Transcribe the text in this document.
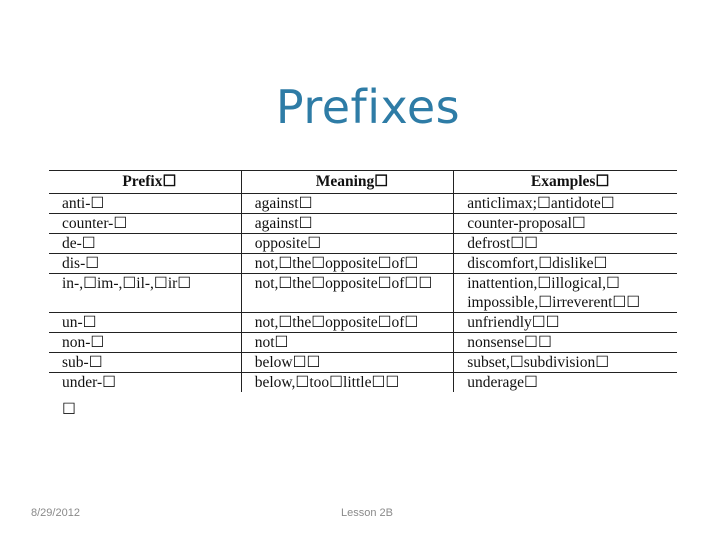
Prefixes
Prefix☐	Meaning☐	Examples☐
anti-☐	against☐	anticlimax;☐antidote☐
counter-☐	against☐	counter-proposal☐
de-☐	opposite☐	defrost☐☐
dis-☐	not,☐the☐opposite☐of☐	discomfort,☐dislike☐
in-,☐im-,☐il-,☐ir☐	not,☐the☐opposite☐of☐☐	inattention,☐illogical,☐ impossible,☐irreverent☐☐
un-☐	not,☐the☐opposite☐of☐	unfriendly☐☐
non-☐	not☐	nonsense☐☐
sub-☐	below☐☐	subset,☐subdivision☐
under-☐	below,☐too☐little☐☐	underage☐
☐
8/29/2012	Lesson 2B
